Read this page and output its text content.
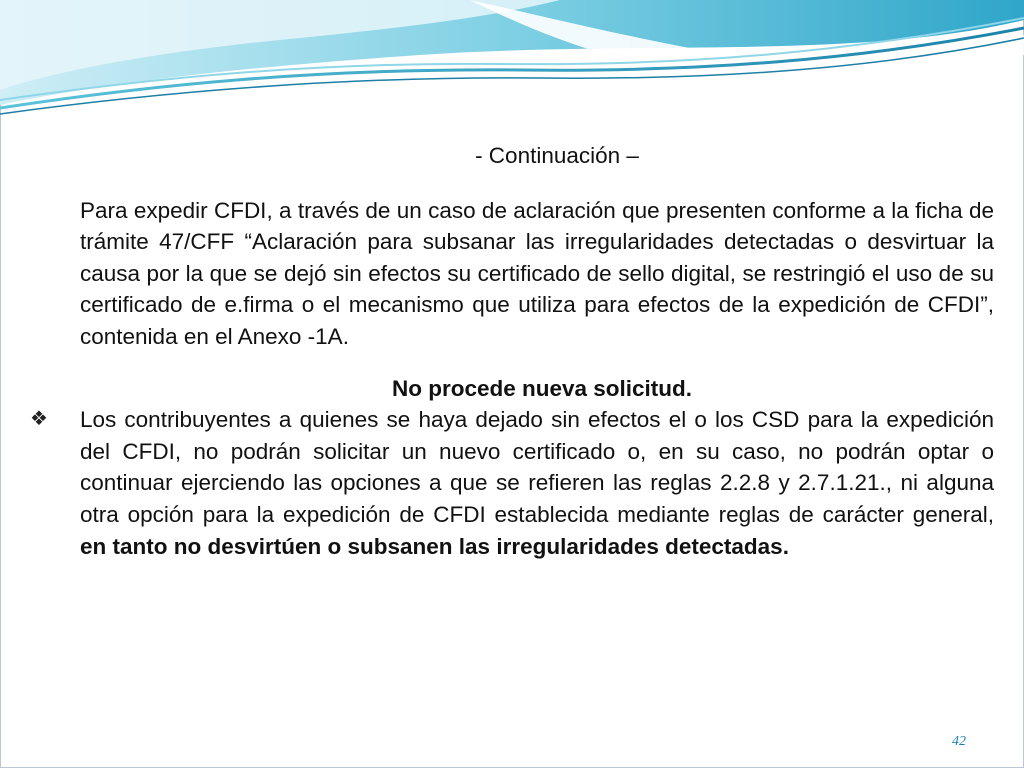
- Continuación –

Para expedir CFDI, a través de un caso de aclaración que presenten conforme a la ficha de trámite 47/CFF “Aclaración para subsanar las irregularidades detectadas o desvirtuar la causa por la que se dejó sin efectos su certificado de sello digital, se restringió el uso de su certificado de e.firma o el mecanismo que utiliza para efectos de la expedición de CFDI”, contenida en el Anexo -1A.

No procede nueva solicitud.

❖ Los contribuyentes a quienes se haya dejado sin efectos el o los CSD para la expedición del CFDI, no podrán solicitar un nuevo certificado o, en su caso, no podrán optar o continuar ejerciendo las opciones a que se refieren las reglas 2.2.8 y 2.7.1.21., ni alguna otra opción para la expedición de CFDI establecida mediante reglas de carácter general, en tanto no desvirtúen o subsanen las irregularidades detectadas.

42
